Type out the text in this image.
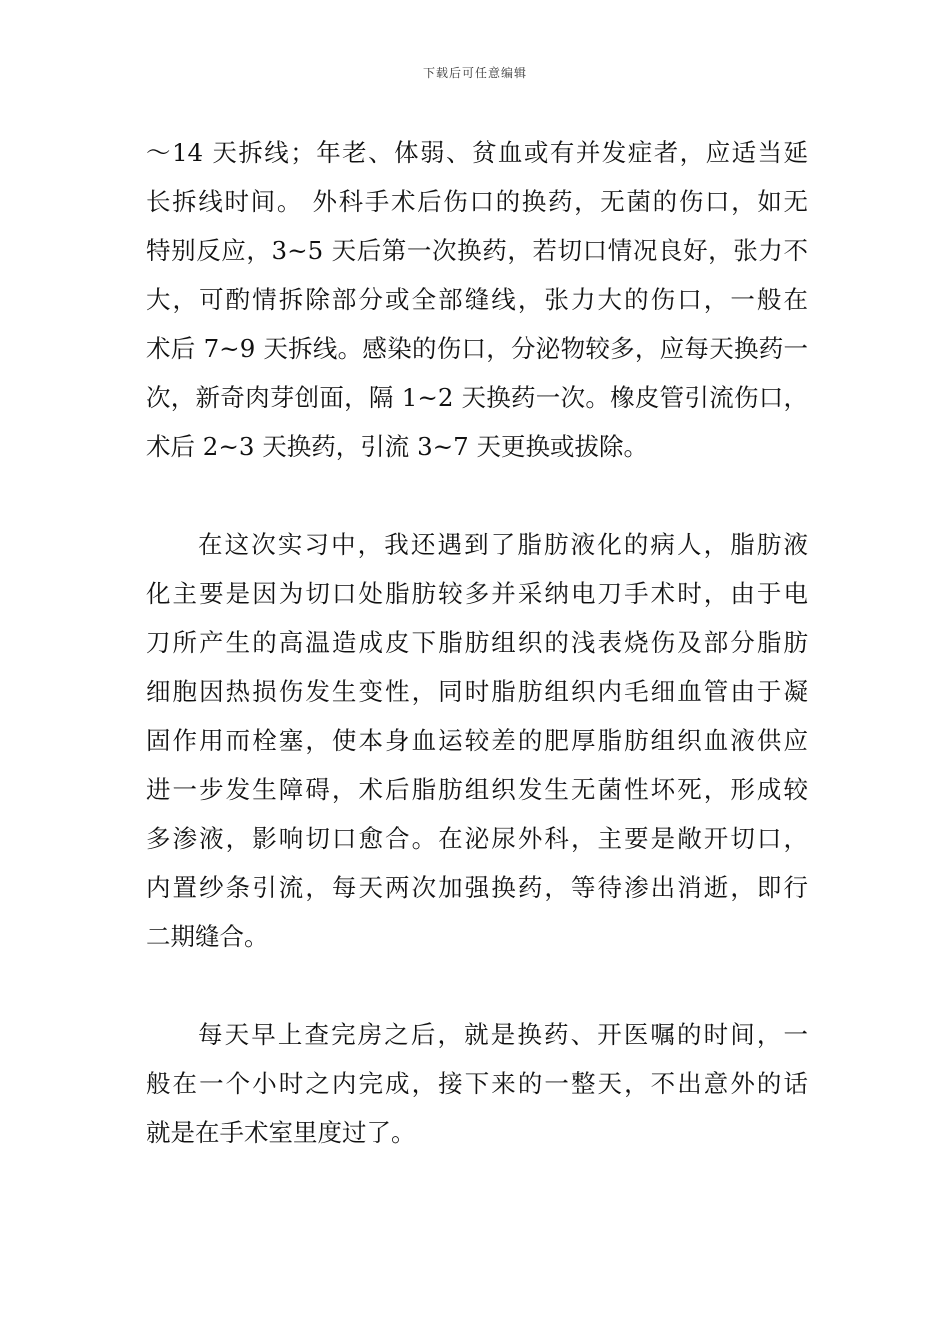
下载后可任意编辑
～14 天拆线；年老、体弱、贫血或有并发症者，应适当延
长拆线时间。 外科手术后伤口的换药，无菌的伤口，如无
特别反应，3~5 天后第一次换药，若切口情况良好，张力不
大，可酌情拆除部分或全部缝线，张力大的伤口，一般在
术后 7~9 天拆线。感染的伤口，分泌物较多，应每天换药一
次，新奇肉芽创面，隔 1~2 天换药一次。橡皮管引流伤口，
术后 2~3 天换药，引流 3~7 天更换或拔除。
在这次实习中，我还遇到了脂肪液化的病人，脂肪液
化主要是因为切口处脂肪较多并采纳电刀手术时，由于电
刀所产生的高温造成皮下脂肪组织的浅表烧伤及部分脂肪
细胞因热损伤发生变性，同时脂肪组织内毛细血管由于凝
固作用而栓塞，使本身血运较差的肥厚脂肪组织血液供应
进一步发生障碍，术后脂肪组织发生无菌性坏死，形成较
多渗液，影响切口愈合。在泌尿外科，主要是敞开切口，
内置纱条引流，每天两次加强换药，等待渗出消逝，即行
二期缝合。
每天早上查完房之后，就是换药、开医嘱的时间，一
般在一个小时之内完成，接下来的一整天，不出意外的话
就是在手术室里度过了。
